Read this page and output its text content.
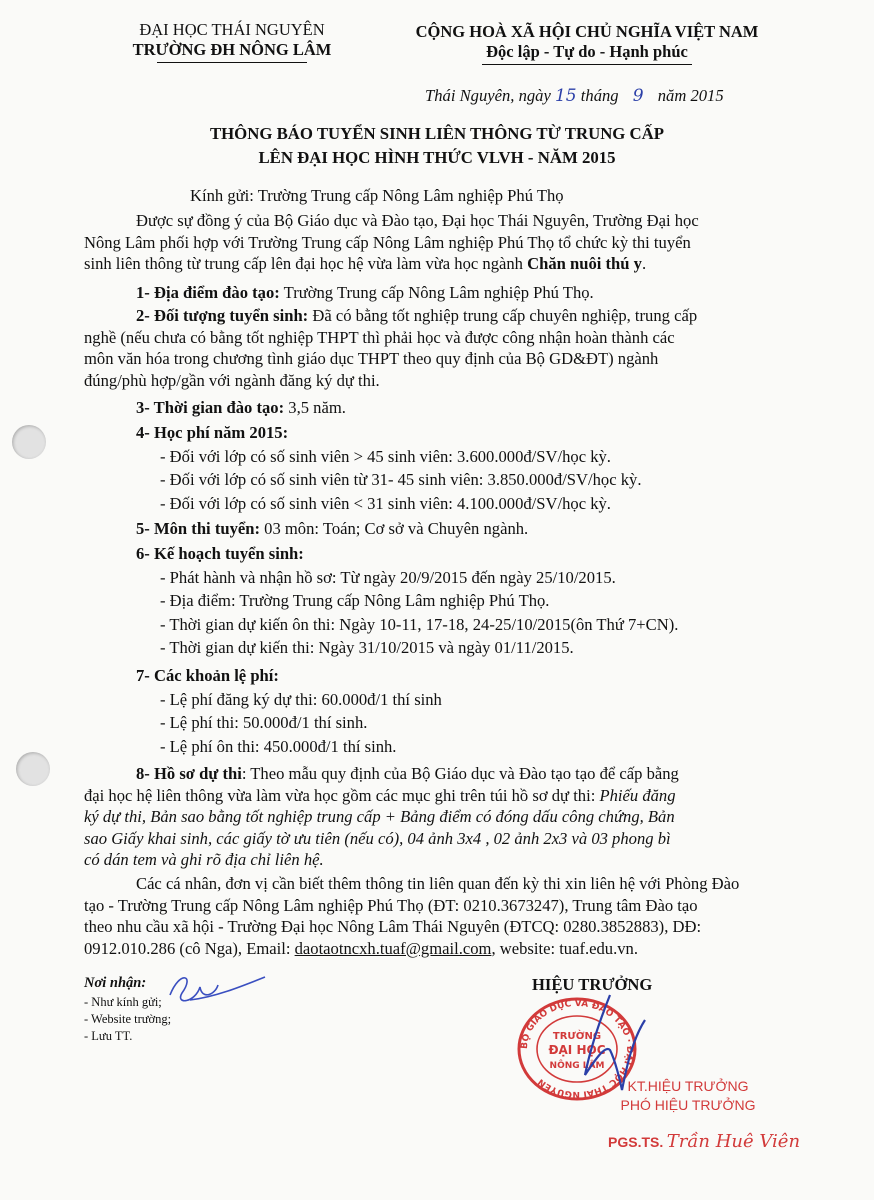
ĐẠI HỌC THÁI NGUYÊN
TRƯỜNG ĐH NÔNG LÂM
CỘNG HOÀ XÃ HỘI CHỦ NGHĨA VIỆT NAM
Độc lập - Tự do - Hạnh phúc
Thái Nguyên, ngày 15 tháng 9 năm 2015
THÔNG BÁO TUYỂN SINH LIÊN THÔNG TỪ TRUNG CẤP
LÊN ĐẠI HỌC HÌNH THỨC VLVH - NĂM 2015
Kính gửi: Trường Trung cấp Nông Lâm nghiệp Phú Thọ
Được sự đồng ý của Bộ Giáo dục và Đào tạo, Đại học Thái Nguyên, Trường Đại học
Nông Lâm phối hợp với Trường Trung cấp Nông Lâm nghiệp Phú Thọ tổ chức kỳ thi tuyển
sinh liên thông từ trung cấp lên đại học hệ vừa làm vừa học ngành Chăn nuôi thú y.
1- Địa điểm đào tạo: Trường Trung cấp Nông Lâm nghiệp Phú Thọ.
2- Đối tượng tuyển sinh: Đã có bằng tốt nghiệp trung cấp chuyên nghiệp, trung cấp
nghề (nếu chưa có bằng tốt nghiệp THPT thì phải học và được công nhận hoàn thành các
môn văn hóa trong chương tình giáo dục THPT theo quy định của Bộ GD&ĐT) ngành
đúng/phù hợp/gần với ngành đăng ký dự thi.
3- Thời gian đào tạo: 3,5 năm.
4- Học phí năm 2015:
- Đối với lớp có số sinh viên > 45 sinh viên: 3.600.000đ/SV/học kỳ.
- Đối với lớp có số sinh viên từ 31- 45 sinh viên: 3.850.000đ/SV/học kỳ.
- Đối với lớp có số sinh viên < 31 sinh viên: 4.100.000đ/SV/học kỳ.
5- Môn thi tuyển: 03 môn: Toán; Cơ sở và Chuyên ngành.
6- Kế hoạch tuyển sinh:
- Phát hành và nhận hồ sơ: Từ ngày 20/9/2015 đến ngày 25/10/2015.
- Địa điểm: Trường Trung cấp Nông Lâm nghiệp Phú Thọ.
- Thời gian dự kiến ôn thi: Ngày 10-11, 17-18, 24-25/10/2015(ôn Thứ 7+CN).
- Thời gian dự kiến thi: Ngày 31/10/2015 và ngày 01/11/2015.
7- Các khoản lệ phí:
- Lệ phí đăng ký dự thi: 60.000đ/1 thí sinh
- Lệ phí thi: 50.000đ/1 thí sinh.
- Lệ phí ôn thi: 450.000đ/1 thí sinh.
8- Hồ sơ dự thi: Theo mẫu quy định của Bộ Giáo dục và Đào tạo tạo để cấp bằng
đại học hệ liên thông vừa làm vừa học gồm các mục ghi trên túi hồ sơ dự thi: Phiếu đăng
ký dự thi, Bản sao bằng tốt nghiệp trung cấp + Bảng điểm có đóng dấu công chứng, Bản
sao Giấy khai sinh, các giấy tờ ưu tiên (nếu có), 04 ảnh 3x4 , 02 ảnh 2x3 và 03 phong bì
có dán tem và ghi rõ địa chỉ liên hệ.
Các cá nhân, đơn vị cần biết thêm thông tin liên quan đến kỳ thi xin liên hệ với Phòng Đào
tạo - Trường Trung cấp Nông Lâm nghiệp Phú Thọ (ĐT: 0210.3673247), Trung tâm Đào tạo
theo nhu cầu xã hội - Trường Đại học Nông Lâm Thái Nguyên (ĐTCQ: 0280.3852883), DĐ:
0912.010.286 (cô Nga), Email: daotaotncxh.tuaf@gmail.com, website: tuaf.edu.vn.
Nơi nhận:
- Như kính gửi;
- Website trường;
- Lưu TT.
HIỆU TRƯỞNG
BỘ GIÁO DỤC VÀ ĐÀO TẠO · ĐẠI HỌC THÁI NGUYÊN
TRƯỜNG
ĐẠI HỌC
NÔNG LÂM
KT.HIỆU TRƯỞNG
PHÓ HIỆU TRƯỞNG
PGS.TS. Trần Huê Viên
